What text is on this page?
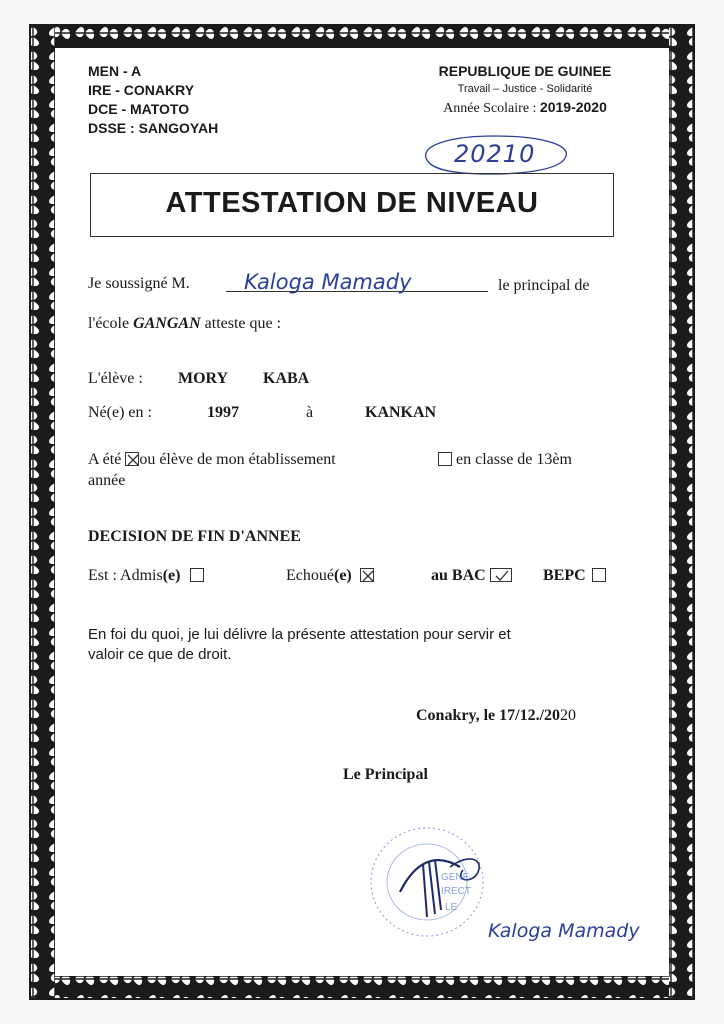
MEN - A
IRE - CONAKRY
DCE - MATOTO
DSSE : SANGOYAH
REPUBLIQUE DE GUINEE
Travail – Justice - Solidarité
Année Scolaire : 2019-2020
20210
ATTESTATION DE NIVEAU
Je soussigné M.	Kaloga Mamady	le principal de
l'école GANGAN atteste que :
L'élève : MORY KABA
Né(e) en :	1997	à	KANKAN
A été ou élève de mon établissement	en classe de 13èm
année
DECISION DE FIN D'ANNEE
Est : Admis(e)	Echoué(e)	au BAC	BEPC
En foi du quoi, je lui délivre la présente attestation pour servir et
valoir ce que de droit.
Conakry, le 17/12./2020
Le Principal
GENE
IRECT
LE
Kaloga Mamady
